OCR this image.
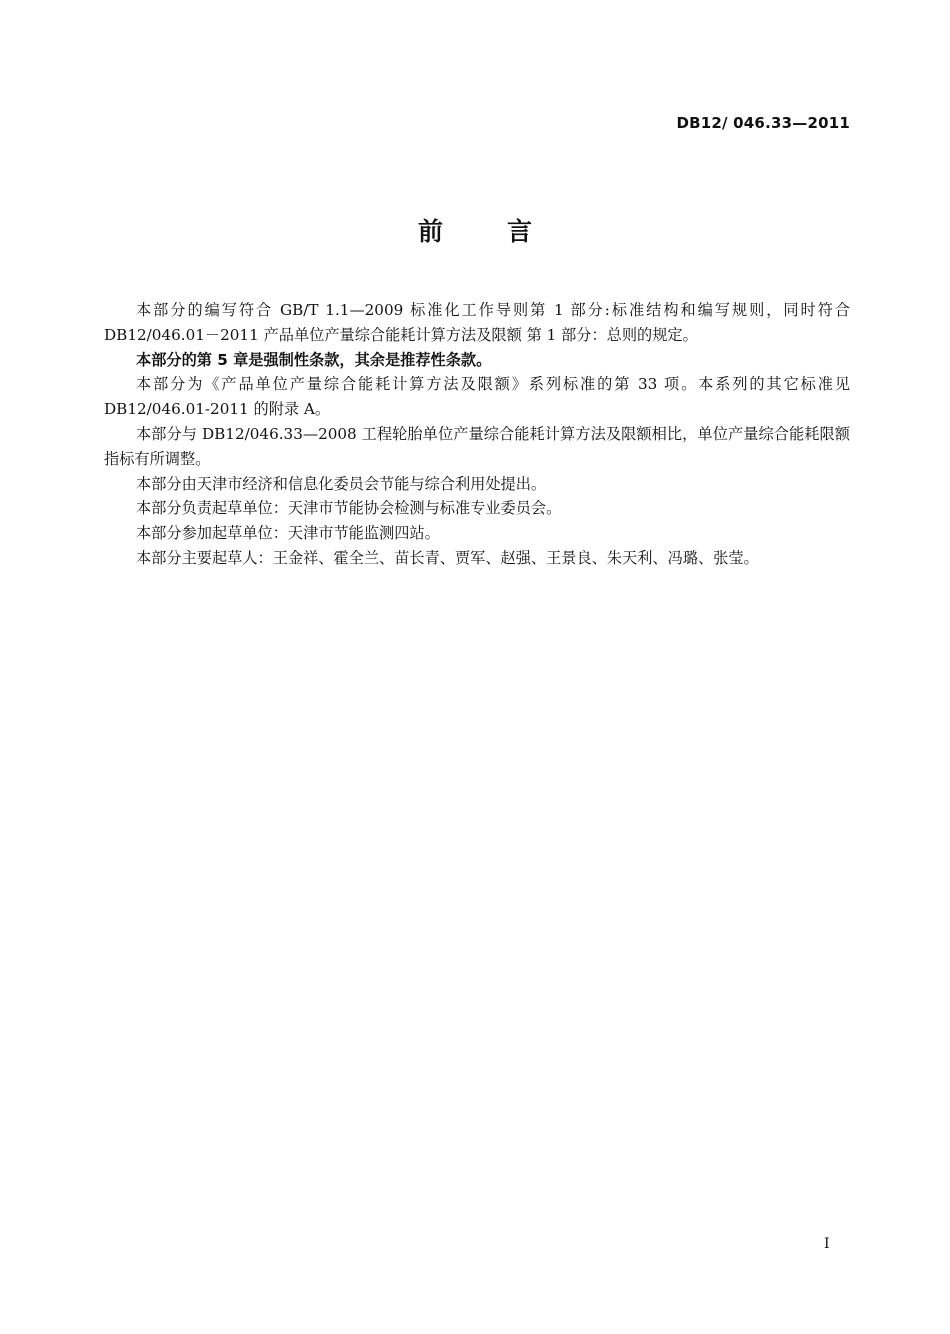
DB12/ 046.33—2011
前	言

本部分的编写符合 GB/T 1.1—2009 标准化工作导则第 1 部分:标准结构和编写规则，同时符合DB12/046.01－2011 产品单位产量综合能耗计算方法及限额 第 1 部分：总则的规定。

本部分的第 5 章是强制性条款，其余是推荐性条款。

本部分为《产品单位产量综合能耗计算方法及限额》系列标准的第 33 项。本系列的其它标准见DB12/046.01-2011 的附录 A。

本部分与 DB12/046.33—2008 工程轮胎单位产量综合能耗计算方法及限额相比，单位产量综合能耗限额指标有所调整。

本部分由天津市经济和信息化委员会节能与综合利用处提出。

本部分负责起草单位：天津市节能协会检测与标准专业委员会。

本部分参加起草单位：天津市节能监测四站。

本部分主要起草人：王金祥、霍全兰、苗长青、贾军、赵强、王景良、朱天利、冯璐、张莹。

I
